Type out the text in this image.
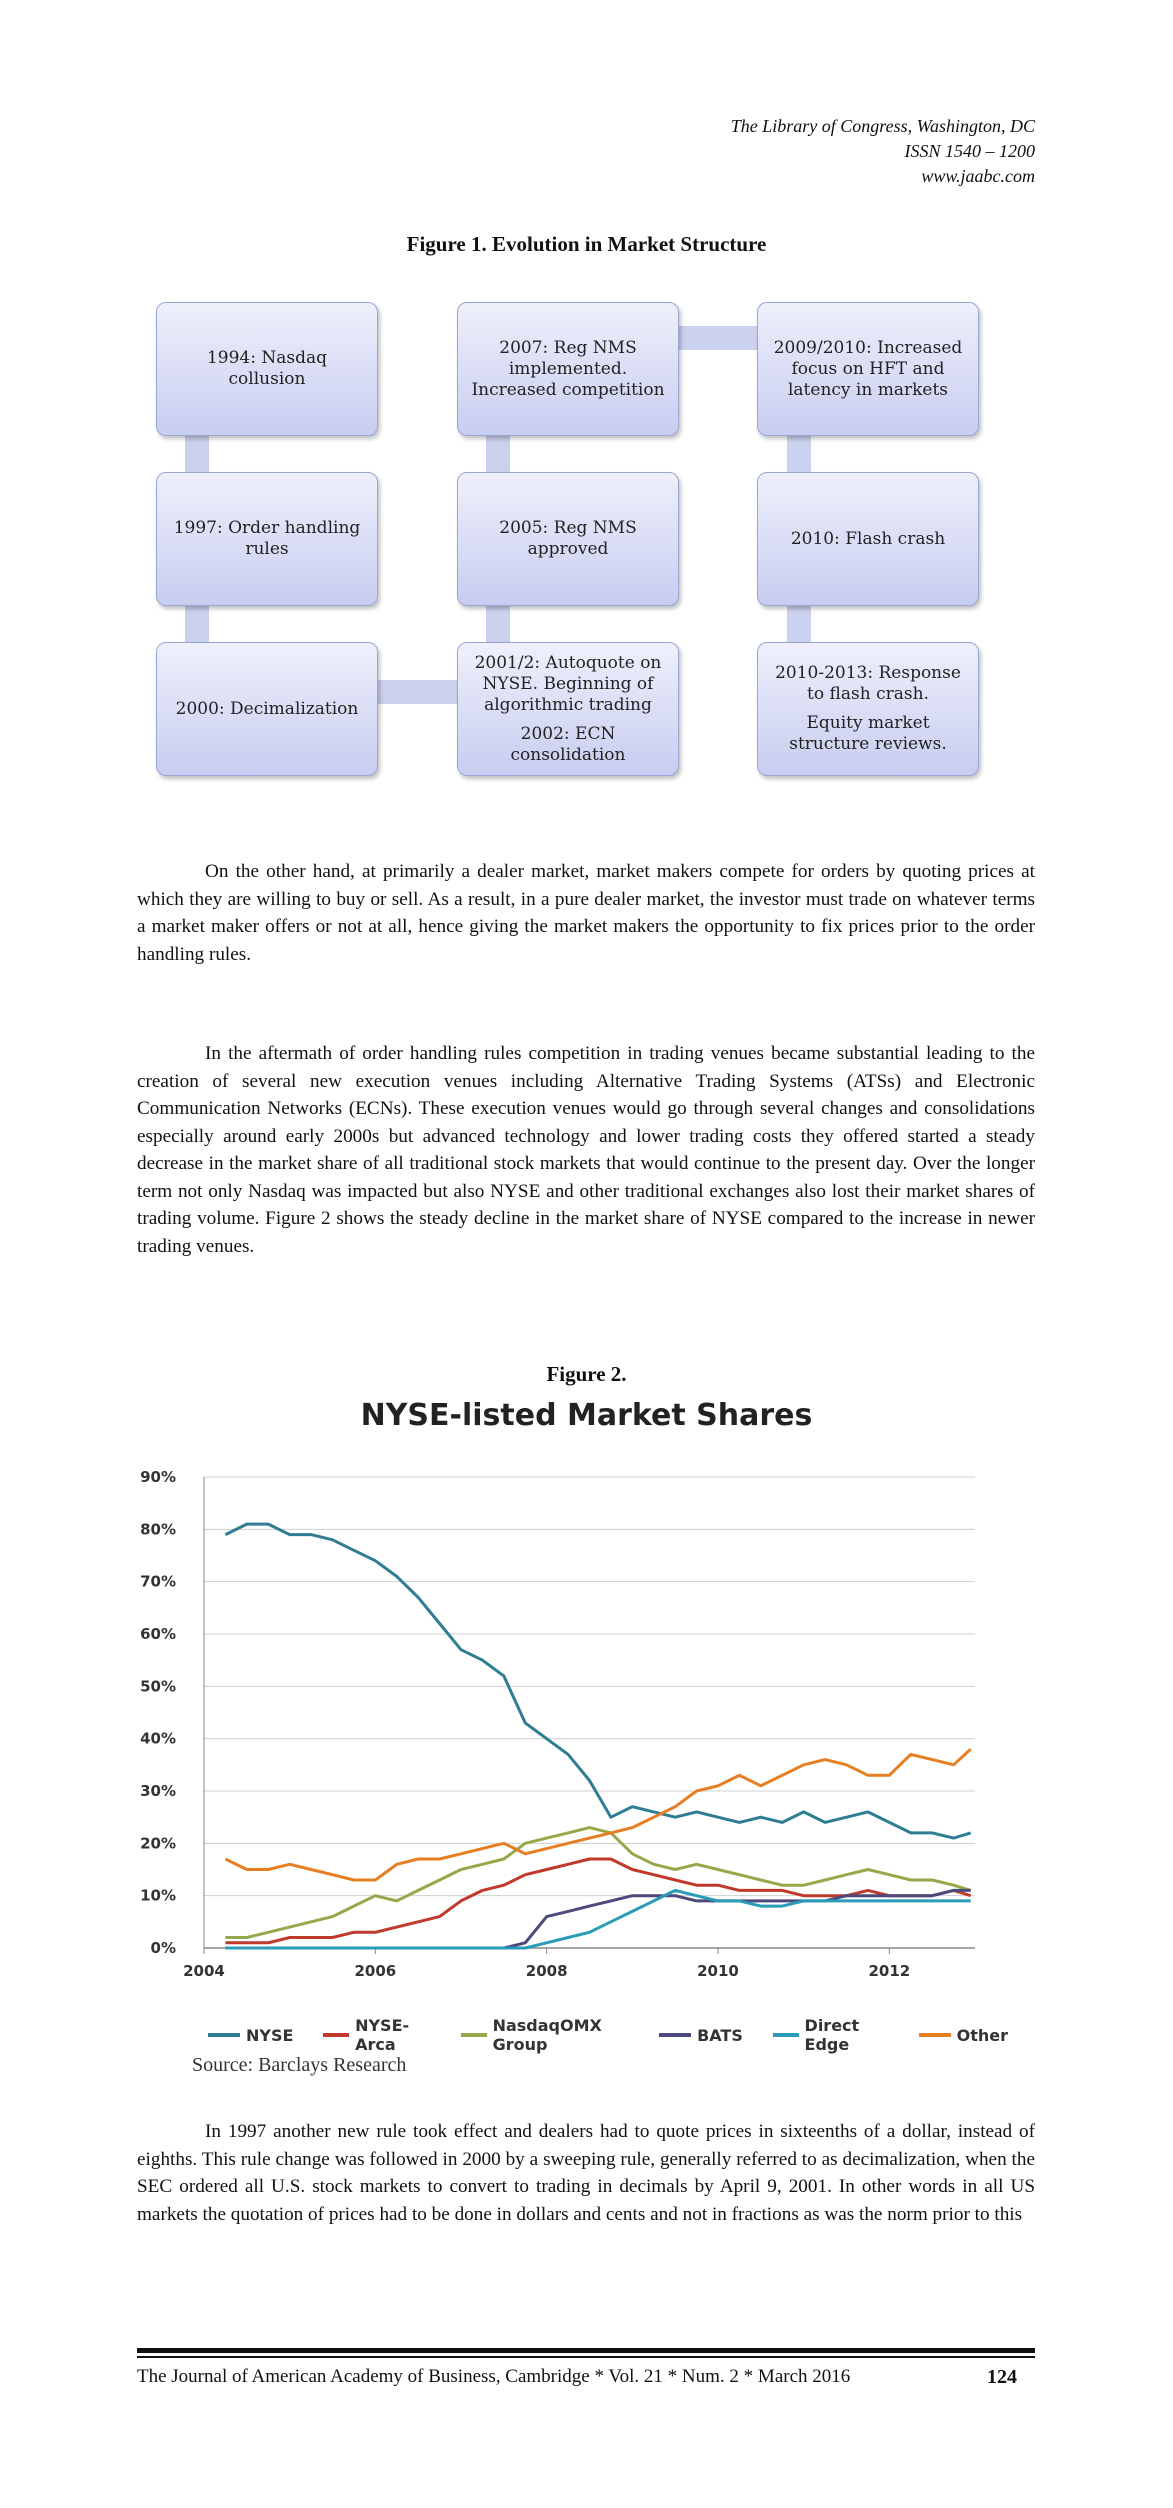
The Library of Congress, Washington, DC
ISSN 1540 – 1200
www.jaabc.com
Figure 1. Evolution in Market Structure
1994: Nasdaq collusion
1997: Order handling rules
2000: Decimalization
2001/2: Autoquote on NYSE. Beginning of algorithmic trading
2002: ECN consolidation
2005: Reg NMS approved
2007: Reg NMS implemented. Increased competition
2009/2010: Increased focus on HFT and latency in markets
2010: Flash crash
2010-2013: Response to flash crash.
Equity market structure reviews.

On the other hand, at primarily a dealer market, market makers compete for orders by quoting prices at which they are willing to buy or sell. As a result, in a pure dealer market, the investor must trade on whatever terms a market maker offers or not at all, hence giving the market makers the opportunity to fix prices prior to the order handling rules.

In the aftermath of order handling rules competition in trading venues became substantial leading to the creation of several new execution venues including Alternative Trading Systems (ATSs) and Electronic Communication Networks (ECNs). These execution venues would go through several changes and consolidations especially around early 2000s but advanced technology and lower trading costs they offered started a steady decrease in the market share of all traditional stock markets that would continue to the present day. Over the longer term not only Nasdaq was impacted but also NYSE and other traditional exchanges also lost their market shares of trading volume. Figure 2 shows the steady decline in the market share of NYSE compared to the increase in newer trading venues.

Figure 2.
NYSE-listed Market Shares
0%
10%
20%
30%
40%
50%
60%
70%
80%
90%
2004	2006	2008	2010	2012
NYSE	NYSE-Arca
NasdaqOMX Group	BATS	Direct Edge	Other
Source: Barclays Research

In 1997 another new rule took effect and dealers had to quote prices in sixteenths of a dollar, instead of eighths. This rule change was followed in 2000 by a sweeping rule, generally referred to as decimalization, when the SEC ordered all U.S. stock markets to convert to trading in decimals by April 9, 2001. In other words in all US markets the quotation of prices had to be done in dollars and cents and not in fractions as was the norm prior to this

The Journal of American Academy of Business, Cambridge * Vol. 21 * Num. 2 * March 2016	124
